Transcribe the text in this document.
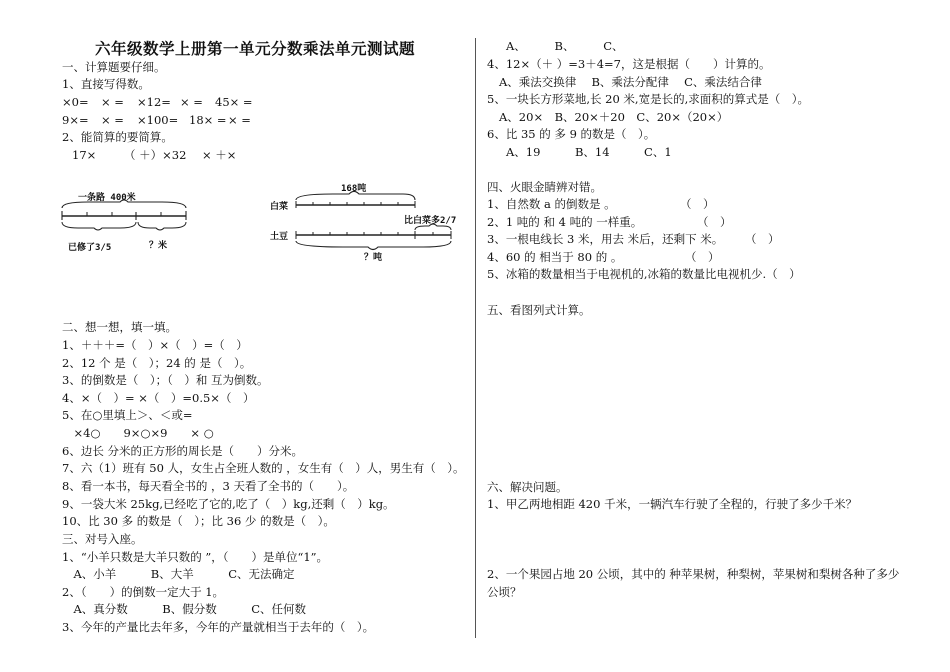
六年级数学上册第一单元分数乘法单元测试题
一、计算题要仔细。
1、直接写得数。
×0= × = ×12= × = 45× =
9×= × = ×100= 18× = × =
2、能简算的要简算。
17× （ ＋）×32 × ＋×
一条路 400米
已修了3/5	？米
168吨
白菜
土豆
比白菜多2/7
？吨
二、想一想，填一填。
1、＋＋＋=（　）×（　）=（　）
2、12 个 是（　）；24 的 是（　）。
3、的倒数是（　）；（　）和 互为倒数。
4、×（　）= ×（　）=0.5×（　）
5、在○里填上＞、＜或=
　×4○　　9×○×9　　× ○
6、边长 分米的正方形的周长是（　　）分米。
7、六（1）班有 50 人，女生占全班人数的 ，女生有（　）人，男生有（　）。
8、看一本书，每天看全书的 ，3 天看了全书的（　　）。
9、一袋大米 25kg,已经吃了它的,吃了（　）kg,还剩（　）kg。
10、比 30 多 的数是（　）；比 36 少 的数是（　）。
三、对号入座。
1、“小羊只数是大羊只数的 ”，（　　）是单位“1”。
　A、小羊　　　B、大羊　　　C、无法确定
2、（　　）的倒数一定大于 1。
　A、真分数　　　B、假分数　　　C、任何数
3、今年的产量比去年多，今年的产量就相当于去年的（　）。
A、　　　B、　　　C、
4、12×（＋ ）=3＋4=7，这是根据（　　）计算的。
A、乘法交换律　 B、乘法分配律　 C、乘法结合律
5、一块长方形菜地,长 20 米,宽是长的,求面积的算式是（　）。
A、20×　B、20×＋20　C、20×（20×）
6、比 35 的 多 9 的数是（　）。
A、19　　　B、14　　　C、1
四、火眼金睛辨对错。
1、自然数 a 的倒数是 。	（　）
2、1 吨的 和 4 吨的 一样重。	（　）
3、一根电线长 3 米，用去 米后，还剩下 米。 （　）
4、60 的 相当于 80 的 。	（　）
5、冰箱的数量相当于电视机的,冰箱的数量比电视机少.（　）
五、看图列式计算。
六、解决问题。
1、甲乙两地相距 420 千米，一辆汽车行驶了全程的，行驶了多少千米？
2、一个果园占地 20 公顷，其中的 种苹果树，种梨树，苹果树和梨树各种了多少
公顷？
